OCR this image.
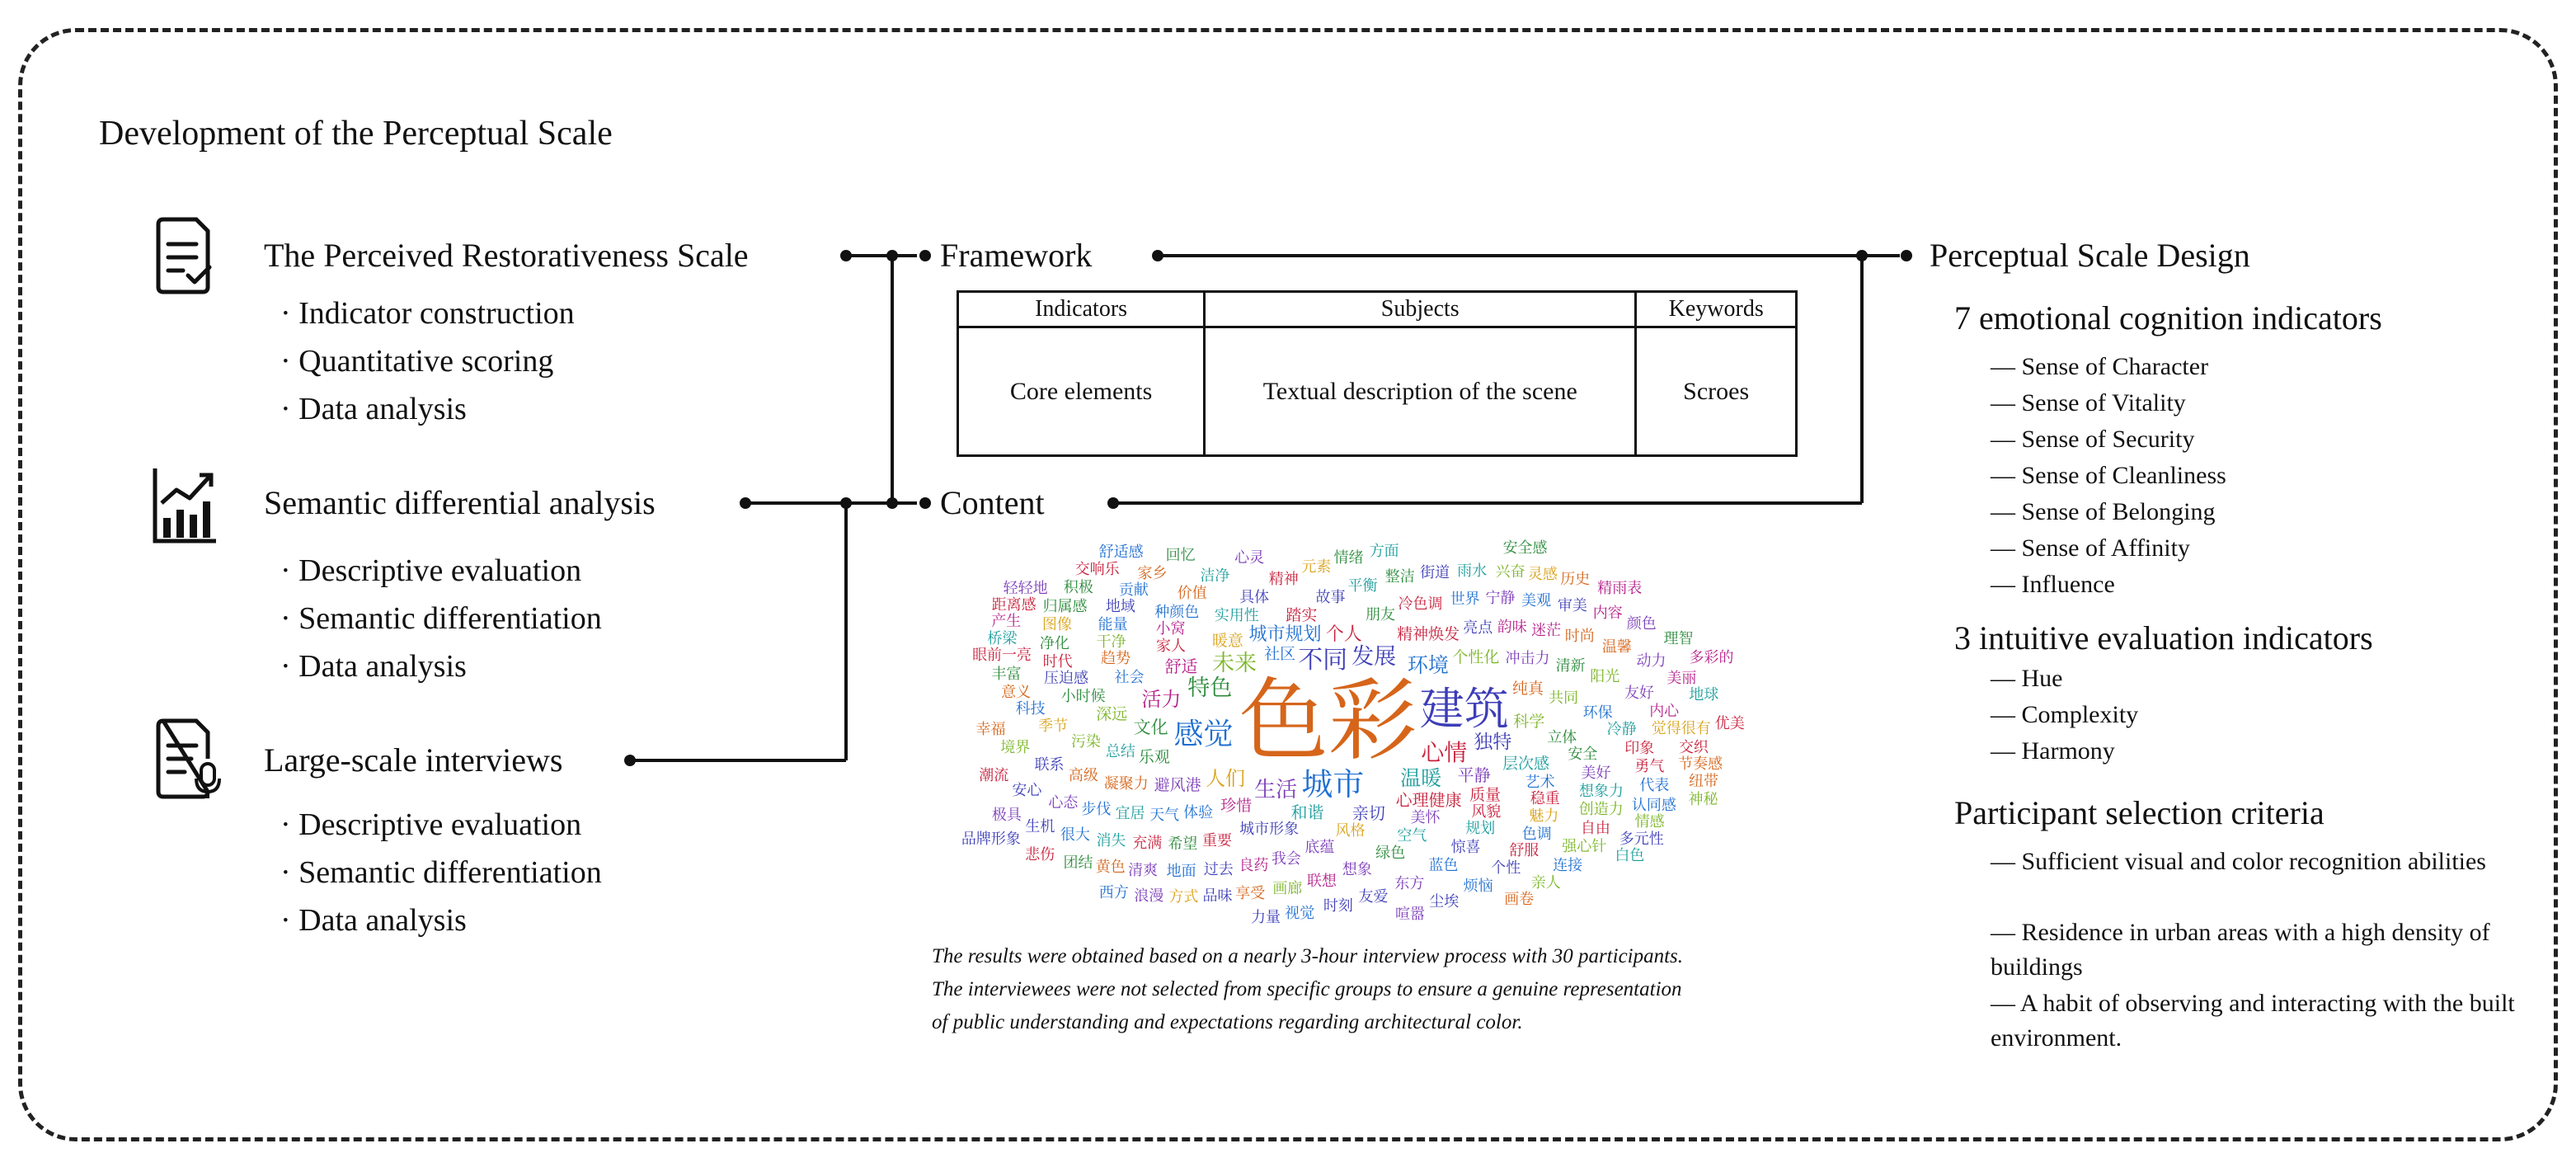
Development of the Perceptual Scale
The Perceived Restorativeness Scale
· Indicator construction
· Quantitative scoring
· Data analysis
Semantic differential analysis
· Descriptive evaluation
· Semantic differentiation
· Data analysis
Large-scale interviews
· Descriptive evaluation
· Semantic differentiation
· Data analysis
Framework
Indicators	Subjects	Keywords
Core elements	Textual description of the scene	Scroes
Content
色彩 建筑
城市
感觉
不同
心情
特色
发展
生活
未来
温暖
环境
人们
活力
独特
个人
城市规划
文化
平静
和谐
心理健康
舒适
亲切
精神焕发
个性化
社区
乐观
暖意
避风港
珍惜
科学
纯真
踏实
层次感
质量
深远
美怀
总结
社会
家人
朋友
风格
城市形象
体验
实用性
冲击力
凝聚力
立体
亮点
共同
风貌
小窝
艺术
空气
污染
趋势
故事
小时候
冷色调
天气
底蕴
具体
韵味
安全
规划
重要
种颜色
清新
稳重
高级
干净
环保
绿色
宜居
平衡
季节
压迫感
我会
世界
迷茫
希望
精神
美好
魅力
惊喜
能量
价值
阳光
步伐
联系
冷静
时代
整洁
想象
良药
科技
宁静
时尚
想象力
充满
色调
地域
元素
蓝色
心态
洁净
净化
街道
友好
印象
过去
境界
意义
美观
联想
消失
创造力
温馨
舒服
贡献
情绪
安心
图像
雨水
勇气
东方
地面
丰富
心灵
审美
内心
画廊
幸福
很大	自由
个性
家乡
方面
动力
归属感
眼前一亮
兴奋
觉得很有
代表
清爽
潮流
内容
友爱
享受
强心针
生机
烦恼
回忆
灵感
美丽
黄色
桥梁
积极
认同感
品味
颜色
交织
时刻
极具
连接
历史
团结
产生
地球
情感
交响乐
节奏感
尘埃
方式
视觉
理智
亲人
距离感
多元性
精雨表
浪漫
悲伤
纽带
喧嚣
舒适感	安全感
力量
轻轻地
优美
多彩的
白色
画卷
西方
神秘
品牌形象
The results were obtained based on a nearly 3-hour interview process with 30 participants.
The interviewees were not selected from specific groups to ensure a genuine representation
of public understanding and expectations regarding architectural color.
Perceptual Scale Design
7 emotional cognition indicators
— Sense of Character
— Sense of Vitality
— Sense of Security
— Sense of Cleanliness
— Sense of Belonging
— Sense of Affinity
— Influence
3 intuitive evaluation indicators
— Hue
— Complexity
— Harmony
Participant selection criteria
— Sufficient visual and color recognition abilities
— Residence in urban areas with a high density of buildings
— A habit of observing and interacting with the built environment.
